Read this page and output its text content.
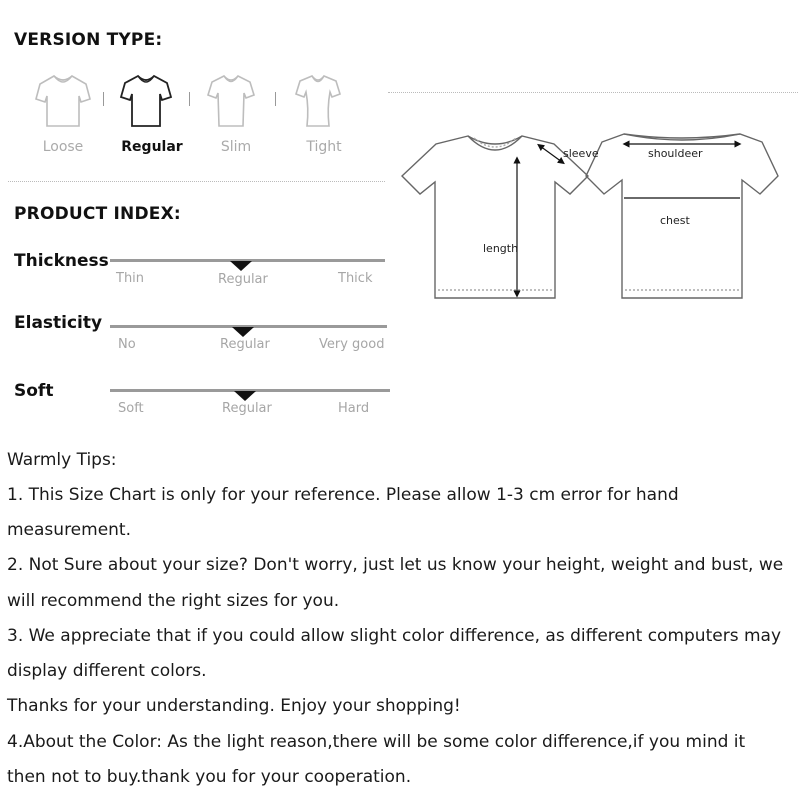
VERSION TYPE:
Loose	Regular	Slim	Tight
PRODUCT INDEX:
Thickness
Thin	Regular	Thick
Elasticity
No	Regular	Very good
Soft
Soft	Regular	Hard
sleeve	shouldeer
chest
length
Warmly Tips:
1. This Size Chart is only for your reference. Please allow 1-3 cm error for hand
measurement.
2. Not Sure about your size? Don't worry, just let us know your height, weight and bust, we
will recommend the right sizes for you.
3. We appreciate that if you could allow slight color difference, as different computers may
display different colors.
Thanks for your understanding. Enjoy your shopping!
4.About the Color: As the light reason,there will be some color difference,if you mind it
then not to buy.thank you for your cooperation.
